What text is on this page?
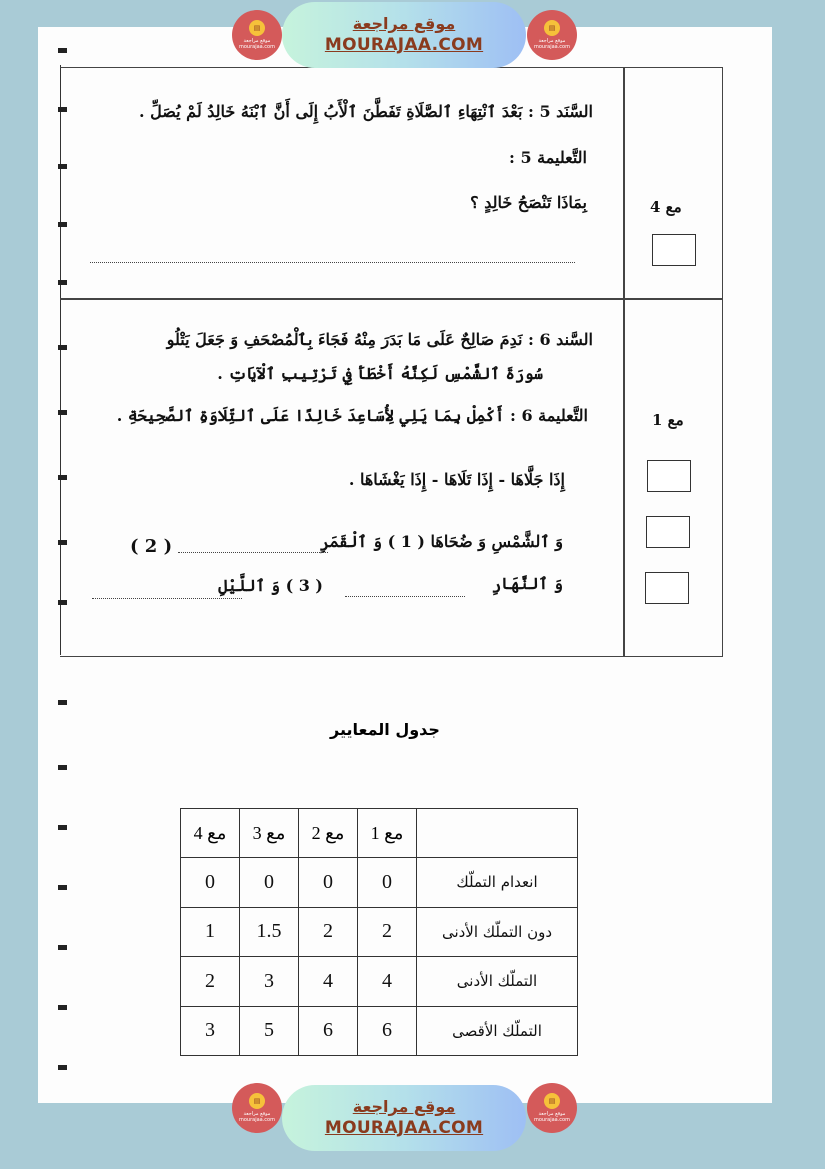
▤
موقع مراجعة mourajaa.com
موقع مراجعة
MOURAJAA.COM
▤
موقع مراجعة mourajaa.com
السَّنَد 5 : بَعْدَ ٱنْتِهَاءِ ٱلصَّلَاةِ تَفَطَّنَ ٱلْأَبُ إِلَى أَنَّ ٱبْنَهُ خَالِدُ لَمْ يُصَلِّ .
التَّعليمة 5 :
بِمَاذَا تَنْصَحُ خَالِدٍ ؟	مع 4
السَّند 6 : نَدِمَ صَالِحٌ عَلَى مَا بَدَرَ مِنْهُ فَجَاءَ بِٱلْمُصْحَفِ وَ جَعَلَ يَتْلُو
سُورَةَ ٱلشَّمْسِ لَكِنَّهُ أَخْطَأَ فِي تَرْتِيبِ ٱلْآيَاتِ .
التَّعليمة 6 : أَكْمِلْ بِمَا يَلِي لِأُسَاعِدَ خَالِدًا عَلَى ٱلتِّلَاوَةِ ٱلصَّحِيحَةِ .
إِذَا جَلَّاهَا - إِذَا تَلَاهَا - إِذَا يَغْشَاهَا .
وَ ٱلشَّمْسِ وَ ضُحَاهَا ( 1 ) وَ ٱلْقَمَرِ
( 2 )
وَ ٱلنَّهَارِ
( 3 ) وَ ٱللَّيْلِ
مع 1
جدول المعايير
مع 4	مع 3	مع 2	مع 1	
0	0	0	0	انعدام التملّك
1	1.5	2	2	دون التملّك الأدنى
2	3	4	4	التملّك الأدنى
3	5	6	6	التملّك الأقصى
▤
موقع مراجعة mourajaa.com
موقع مراجعة
MOURAJAA.COM
▤
موقع مراجعة mourajaa.com
